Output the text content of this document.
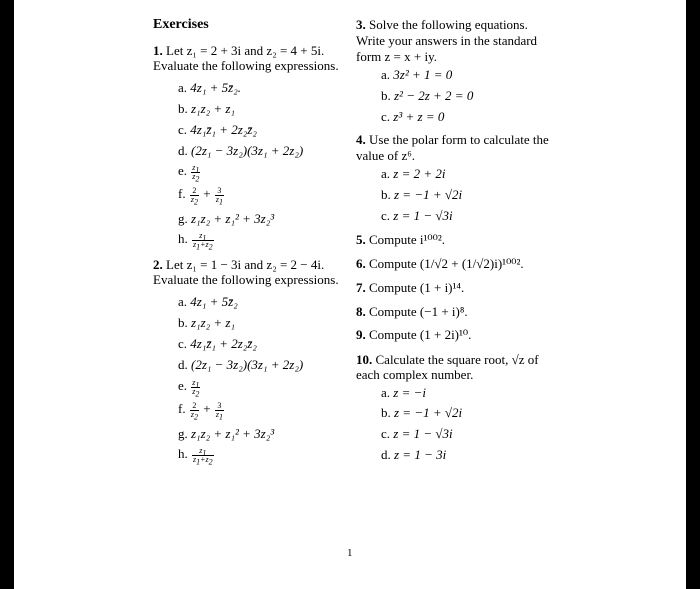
Exercises
1. Let z₁ = 2 + 3i and z₂ = 4 + 5i.
Evaluate the following expressions.
a. 4z₁ + 5z̄₂.
b. z₁z₂ + z₁
c. 4z₁z̄₁ + 2z₂z̄₂
d. (2z₁ − 3z₂)(3z₁ + 2z₂)
e. $\frac{z_1}{z_2}$
f. $\frac{2}{z_2} + \frac{3}{z_1}$
g. z₁z₂ + z₁² + 3z₂³
h. $\frac{z_1}{z_1+z_2}$
2. Let z₁ = 1 − 3i and z₂ = 2 − 4i.
Evaluate the following expressions.
a. 4z₁ + 5z̄₂
b. z₁z₂ + z₁
c. 4z₁z̄₁ + 2z₂z̄₂
d. (2z₁ − 3z₂)(3z₁ + 2z₂)
e. $\frac{z_1}{z_2}$
f. $\frac{2}{z_2} + \frac{3}{z_1}$
g. z₁z₂ + z₁² + 3z₂³
h. $\frac{z_1}{z_1+z_2}$
3. Solve the following equations.
Write your answers in the standard
form z = x + iy.
a. 3z² + 1 = 0
b. z² − 2z + 2 = 0
c. z³ + z = 0
4. Use the polar form to calculate the
value of z⁶.
a. z = 2 + 2i
b. z = −1 + √2i
c. z = 1 − √3i
5. Compute i¹⁰⁰².
6. Compute (1/√2 + (1/√2)i)¹⁰⁰².
7. Compute (1 + i)¹⁴.
8. Compute (−1 + i)⁸.
9. Compute (1 + 2i)¹⁰.
10. Calculate the square root, √z of
each complex number.
a. z = −i
b. z = −1 + √2i
c. z = 1 − √3i
d. z = 1 − 3i
1
